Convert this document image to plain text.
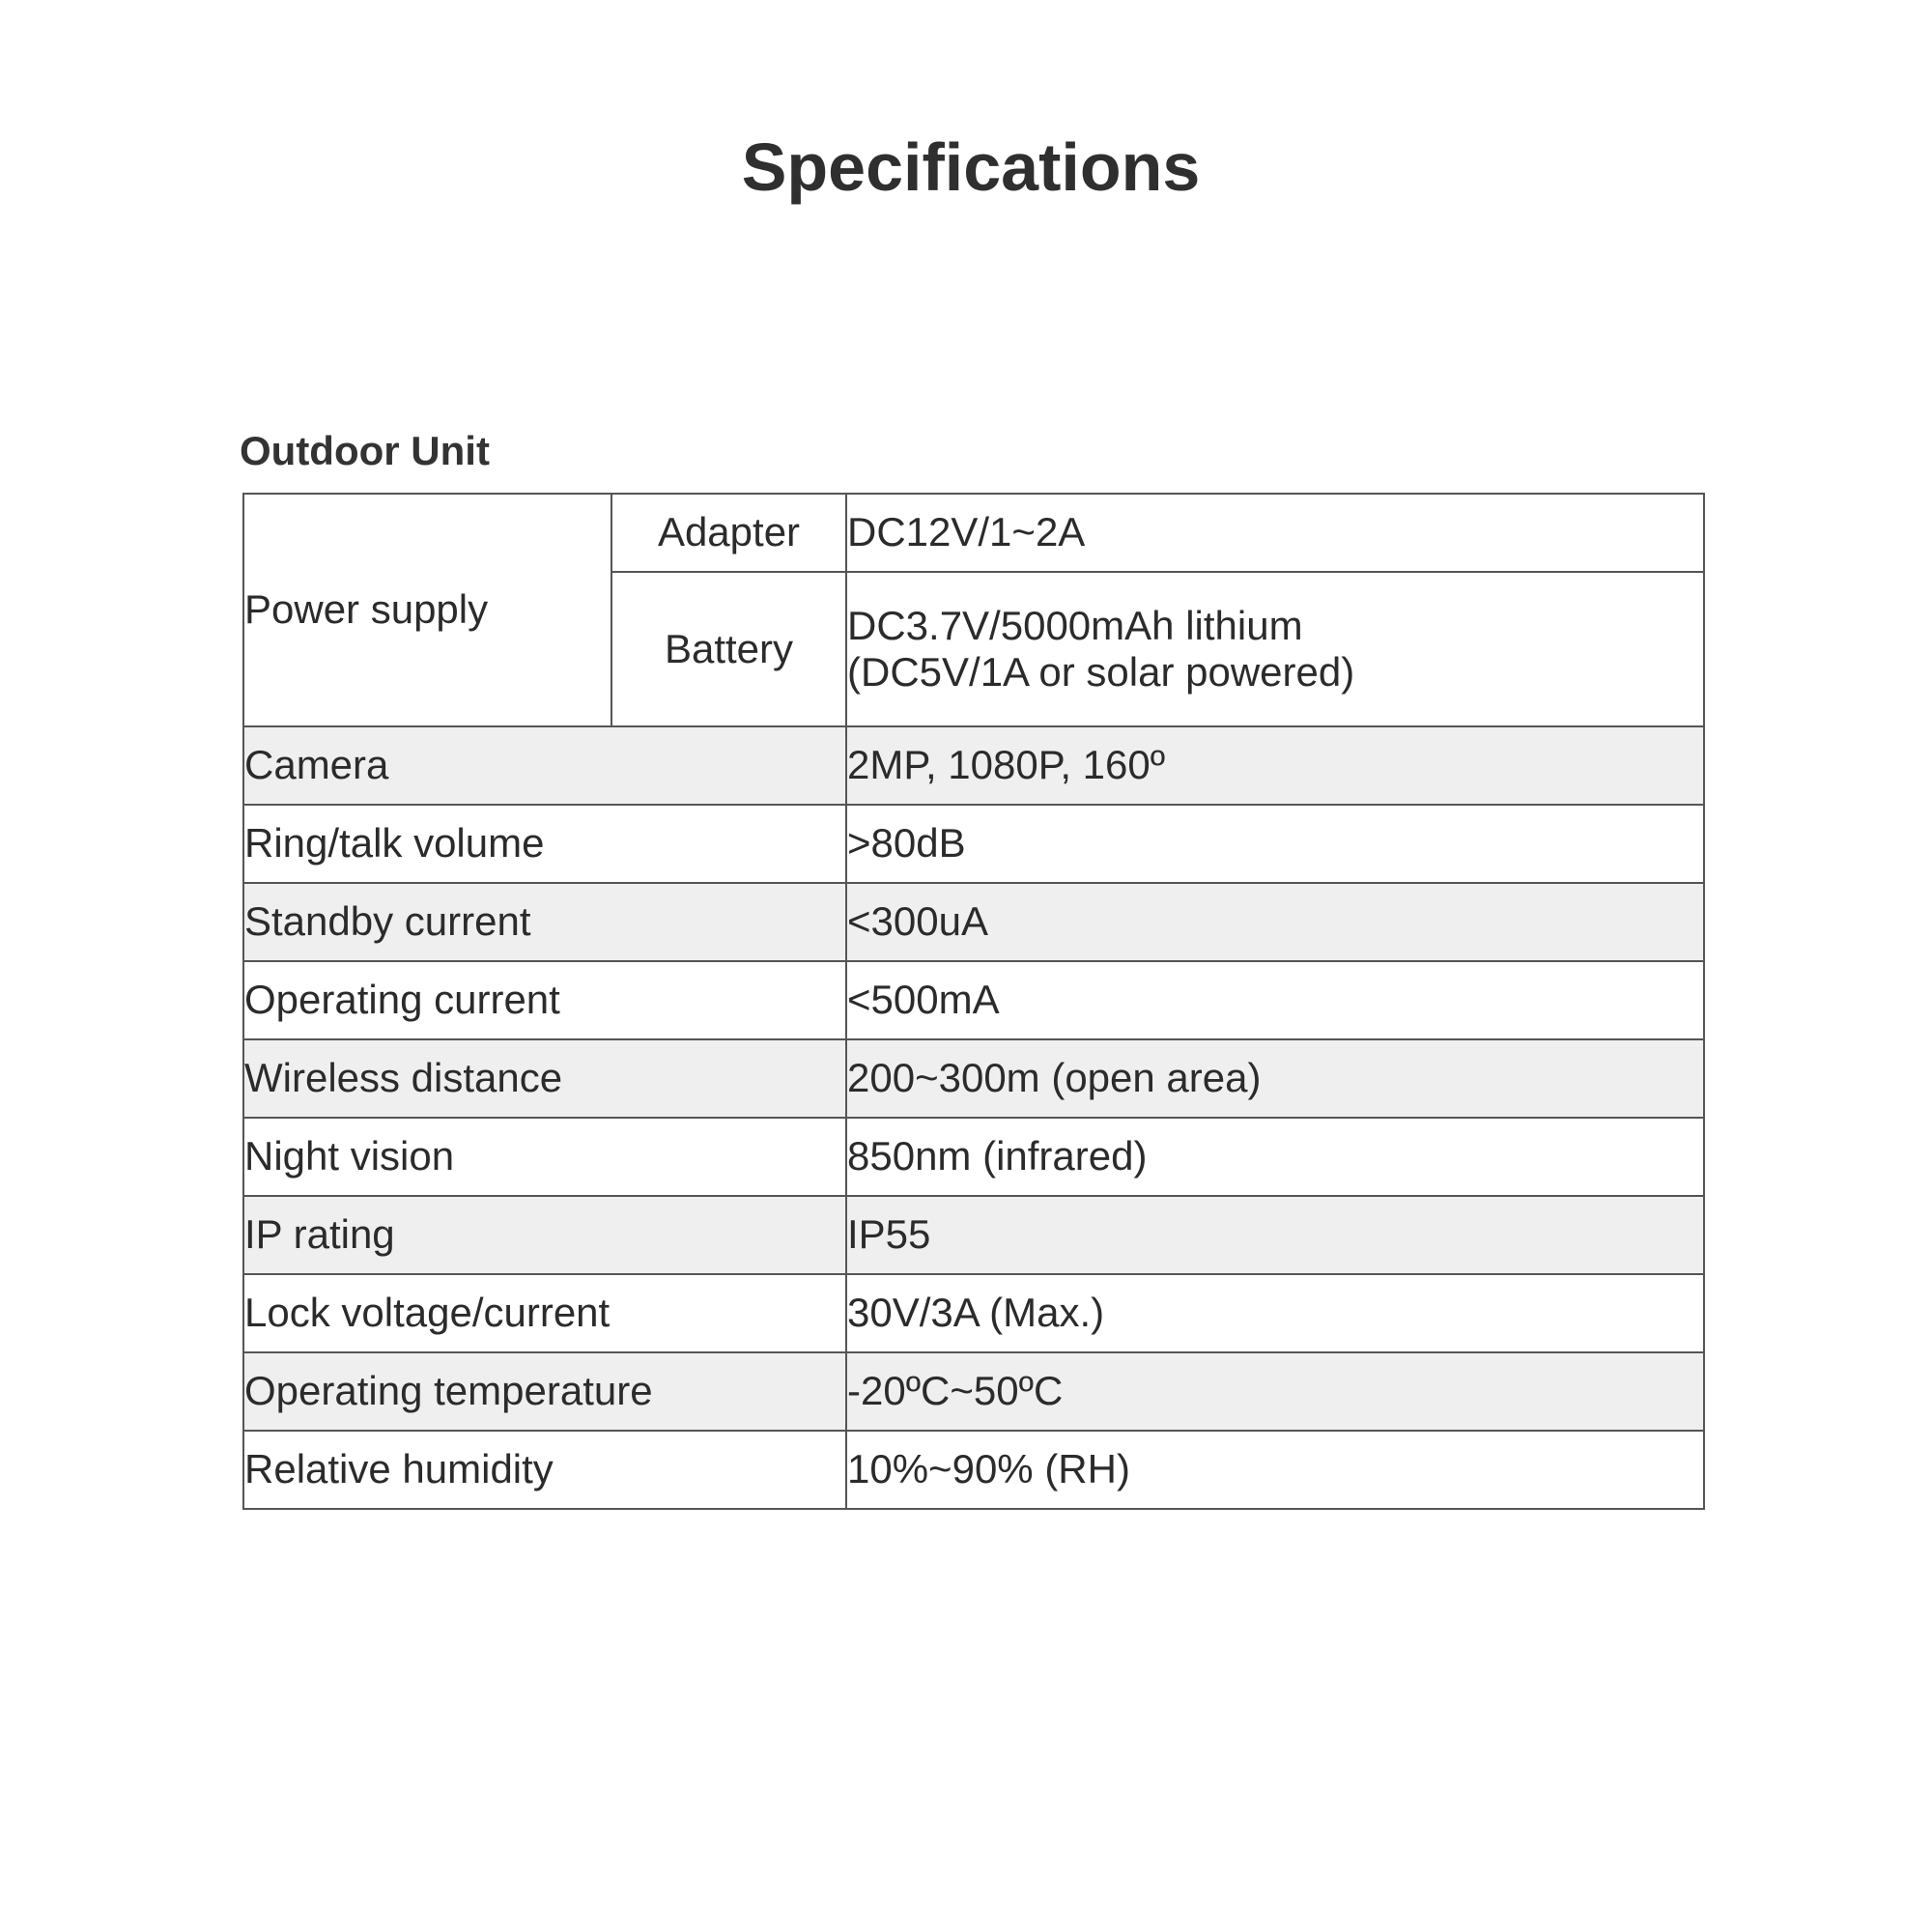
Specifications
Outdoor Unit
Power supply	Adapter	DC12V/1~2A
	Battery	DC3.7V/5000mAh lithium
(DC5V/1A or solar powered)

Camera		2MP, 1080P, 160º
Ring/talk volume		>80dB
Standby current		<300uA
Operating current		<500mA
Wireless distance		200~300m (open area)
Night vision		850nm (infrared)
IP rating		IP55
Lock voltage/current		30V/3A (Max.)
Operating temperature		-20ºC~50ºC
Relative humidity		10%~90% (RH)
